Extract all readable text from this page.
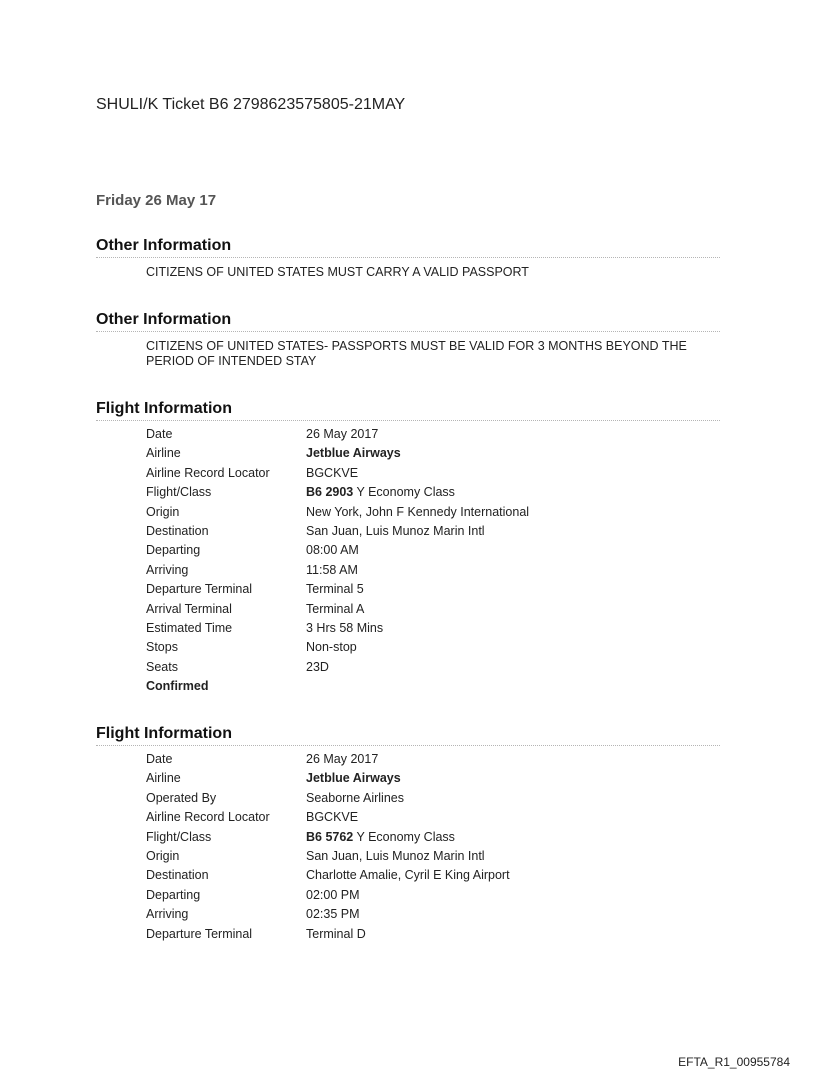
SHULI/K Ticket B6 2798623575805-21MAY
Friday 26 May 17
Other Information
CITIZENS OF UNITED STATES MUST CARRY A VALID PASSPORT
Other Information
CITIZENS OF UNITED STATES- PASSPORTS MUST BE VALID FOR 3 MONTHS BEYOND THE PERIOD OF INTENDED STAY
Flight Information
Date	26 May 2017
Airline	Jetblue Airways
Airline Record Locator	BGCKVE
Flight/Class	B6 2903 Y Economy Class
Origin	New York, John F Kennedy International
Destination	San Juan, Luis Munoz Marin Intl
Departing	08:00 AM
Arriving	11:58 AM
Departure Terminal	Terminal 5
Arrival Terminal	Terminal A
Estimated Time	3 Hrs 58 Mins
Stops	Non-stop
Seats	23D
Confirmed
Flight Information
Date	26 May 2017
Airline	Jetblue Airways
Operated By	Seaborne Airlines
Airline Record Locator	BGCKVE
Flight/Class	B6 5762 Y Economy Class
Origin	San Juan, Luis Munoz Marin Intl
Destination	Charlotte Amalie, Cyril E King Airport
Departing	02:00 PM
Arriving	02:35 PM
Departure Terminal	Terminal D
EFTA_R1_00955784
